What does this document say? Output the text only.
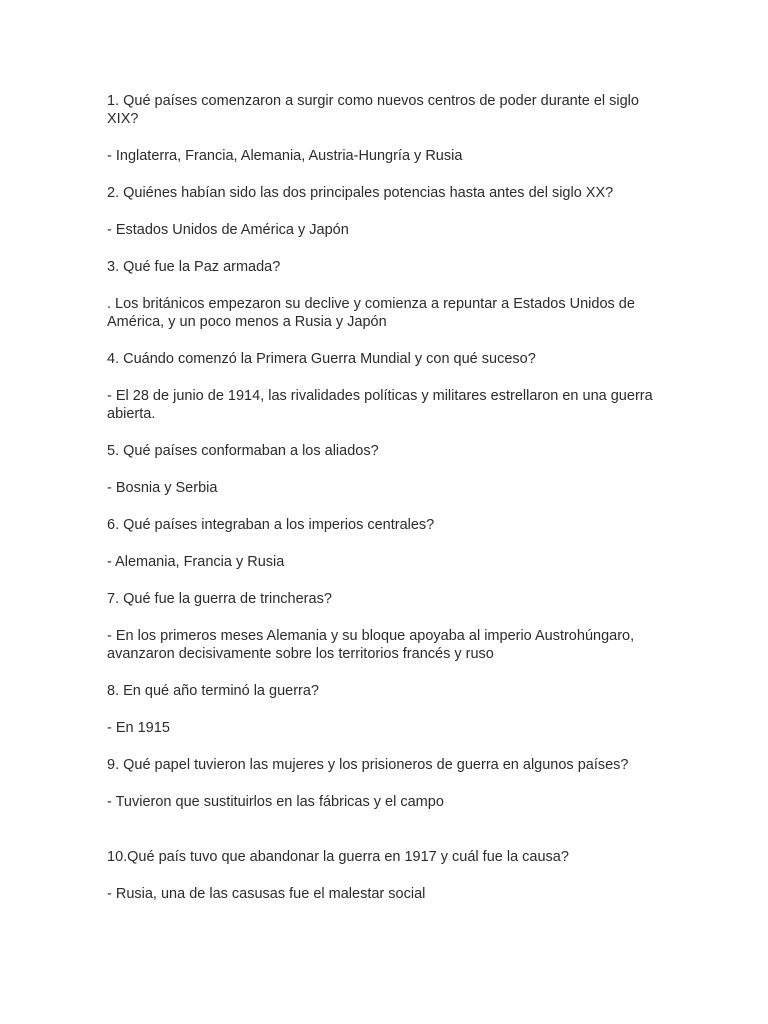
1. Qué países comenzaron a surgir como nuevos centros de poder durante el siglo XIX?

- Inglaterra, Francia, Alemania, Austria-Hungría y Rusia

2. Quiénes habían sido las dos principales potencias hasta antes del siglo XX?

- Estados Unidos de América y Japón

3. Qué fue la Paz armada?

. Los británicos empezaron su declive y comienza a repuntar a Estados Unidos de América, y un poco menos a Rusia y Japón

4. Cuándo comenzó la Primera Guerra Mundial y con qué suceso?

- El 28 de junio de 1914, las rivalidades políticas y militares estrellaron en una guerra abierta.

5. Qué países conformaban a los aliados?

- Bosnia y Serbia

6. Qué países integraban a los imperios centrales?

- Alemania, Francia y Rusia

7. Qué fue la guerra de trincheras?

- En los primeros meses Alemania y su bloque apoyaba al imperio Austrohúngaro, avanzaron decisivamente sobre los territorios francés y ruso

8. En qué año terminó la guerra?

- En 1915

9. Qué papel tuvieron las mujeres y los prisioneros de guerra en algunos países?

- Tuvieron que sustituirlos en las fábricas y el campo

10.Qué país tuvo que abandonar la guerra en 1917 y cuál fue la causa?

- Rusia, una de las casusas fue el malestar social
